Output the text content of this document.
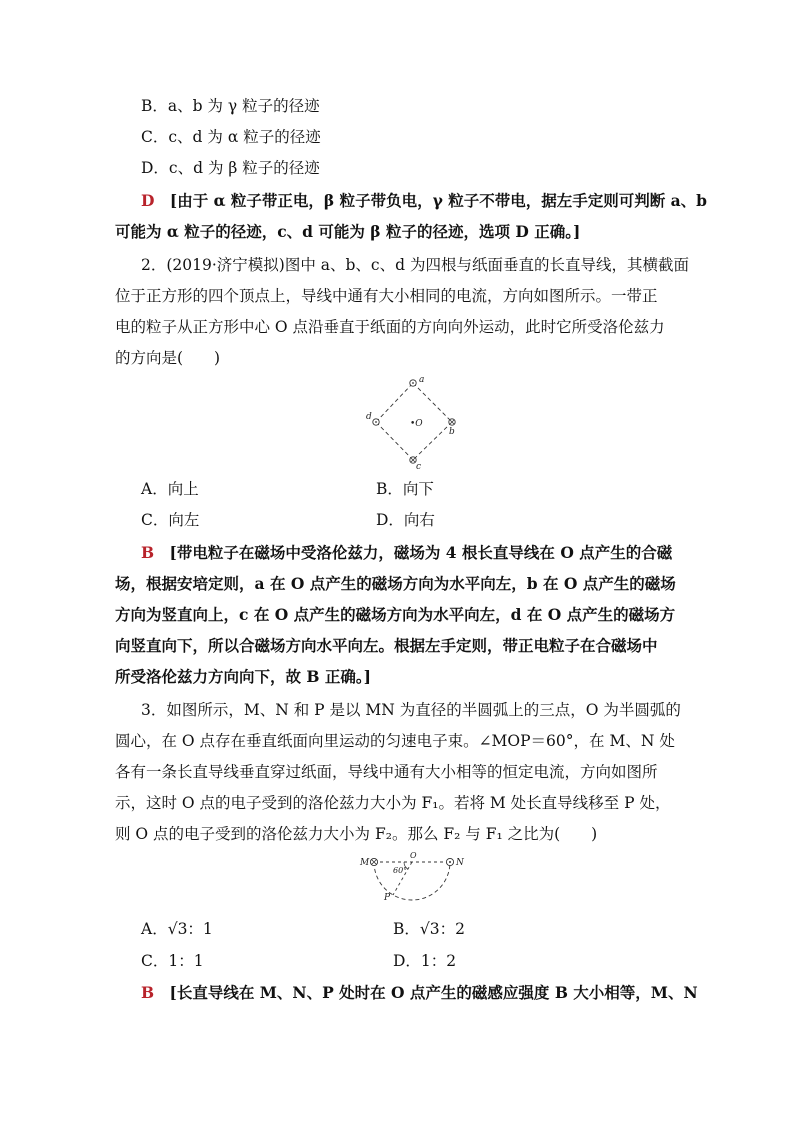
B．a、b 为 γ 粒子的径迹
C．c、d 为 α 粒子的径迹
D．c、d 为 β 粒子的径迹
D [由于 α 粒子带正电，β 粒子带负电，γ 粒子不带电，据左手定则可判断 a、b
可能为 α 粒子的径迹，c、d 可能为 β 粒子的径迹，选项 D 正确。]
2．(2019·济宁模拟)图中 a、b、c、d 为四根与纸面垂直的长直导线，其横截面
位于正方形的四个顶点上，导线中通有大小相同的电流，方向如图所示。一带正
电的粒子从正方形中心 O 点沿垂直于纸面的方向向外运动，此时它所受洛伦兹力
的方向是(　　)
a
b
c
d
•O
A．向上	B．向下
C．向左	D．向右
B [带电粒子在磁场中受洛伦兹力，磁场为 4 根长直导线在 O 点产生的合磁
场，根据安培定则，a 在 O 点产生的磁场方向为水平向左，b 在 O 点产生的磁场
方向为竖直向上，c 在 O 点产生的磁场方向为水平向左，d 在 O 点产生的磁场方
向竖直向下，所以合磁场方向水平向左。根据左手定则，带正电粒子在合磁场中
所受洛伦兹力方向向下，故 B 正确。]
3．如图所示，M、N 和 P 是以 MN 为直径的半圆弧上的三点，O 为半圆弧的
圆心，在 O 点存在垂直纸面向里运动的匀速电子束。∠MOP＝60°，在 M、N 处
各有一条长直导线垂直穿过纸面，导线中通有大小相等的恒定电流，方向如图所
示，这时 O 点的电子受到的洛伦兹力大小为 F₁。若将 M 处长直导线移至 P 处，
则 O 点的电子受到的洛伦兹力大小为 F₂。那么 F₂ 与 F₁ 之比为(　　)
M	N
O
P
60°
A．√3：1	B．√3：2
C．1：1	D．1：2
B [长直导线在 M、N、P 处时在 O 点产生的磁感应强度 B 大小相等，M、N
